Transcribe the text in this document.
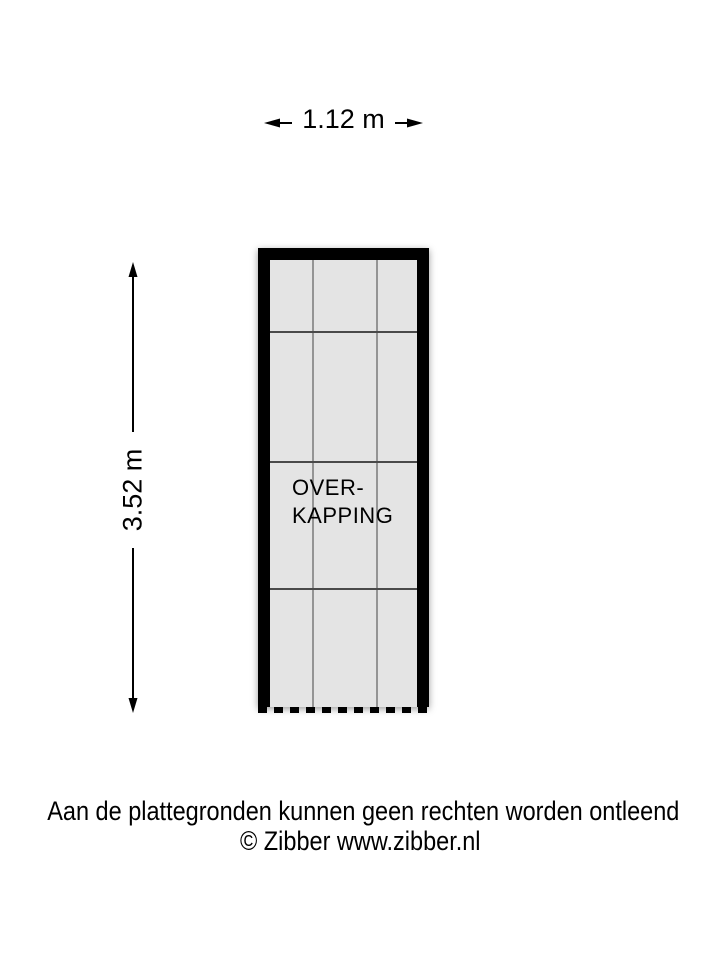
1.12 m
3.52 m	OVER-
KAPPING
Aan de plattegronden kunnen geen rechten worden ontleend
© Zibber www.zibber.nl
